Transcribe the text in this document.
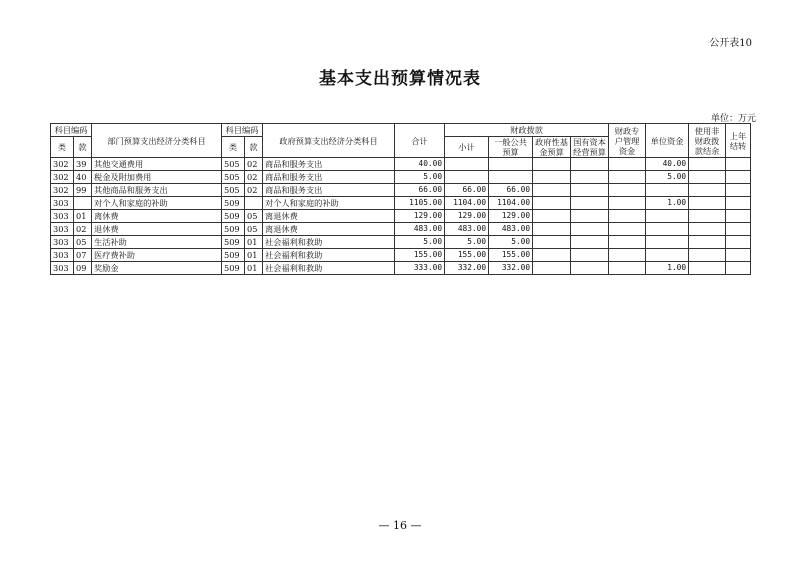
公开表10
基本支出预算情况表
单位：万元
科目编码		部门预算支出经济分类科目	科目编码		政府预算支出经济分类科目	合计	财政拨款				财政专户管理资金	单位资金	使用非财政拨款结余	上年结转
类	款		类	款			小计	一般公共预算	政府性基金预算	国有资本经营预算				
302	39	其他交通费用	505	02	商品和服务支出	40.00						40.00		
302	40	税金及附加费用	505	02	商品和服务支出	5.00						5.00		
302	99	其他商品和服务支出	505	02	商品和服务支出	66.00	66.00	66.00						
303		对个人和家庭的补助	509		对个人和家庭的补助	1105.00	1104.00	1104.00				1.00		
303	01	离休费	509	05	离退休费	129.00	129.00	129.00						
303	02	退休费	509	05	离退休费	483.00	483.00	483.00						
303	05	生活补助	509	01	社会福利和救助	5.00	5.00	5.00						
303	07	医疗费补助	509	01	社会福利和救助	155.00	155.00	155.00						
303	09	奖励金	509	01	社会福利和救助	333.00	332.00	332.00				1.00		
— 16 —
